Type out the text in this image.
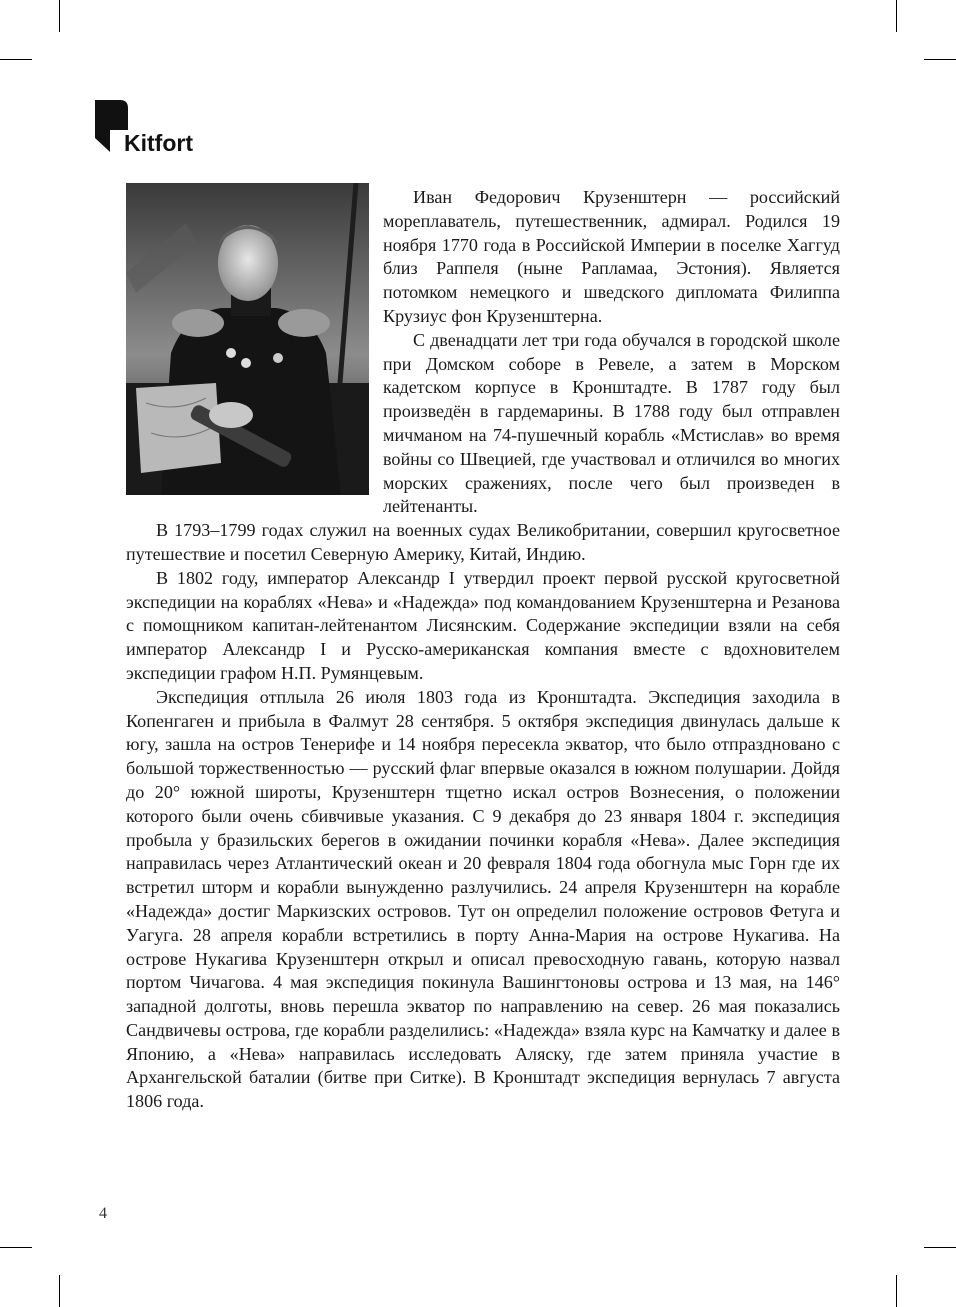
Kitfort

Иван Федорович Крузенштерн — российский мореплаватель, путешественник, адмирал. Родился 19 ноября 1770 года в Российской Империи в поселке Хаггуд близ Раппеля (ныне Рапламаа, Эстония). Является потомком немецкого и шведского дипломата Филиппа Крузиус фон Крузенштерна.

С двенадцати лет три года обучался в городской школе при Домском соборе в Ревеле, а затем в Морском кадетском корпусе в Кронштадте. В 1787 году был произведён в гардемарины. В 1788 году был отправлен мичманом на 74-пушечный корабль «Мстислав» во время войны со Швецией, где участвовал и отличился во многих морских сражениях, после чего был произведен в лейтенанты.

В 1793–1799 годах служил на военных судах Великобритании, совершил кругосветное путешествие и посетил Северную Америку, Китай, Индию.

В 1802 году, император Александр I утвердил проект первой русской кругосветной экспедиции на кораблях «Нева» и «Надежда» под командованием Крузенштерна и Резанова с помощником капитан-лейтенантом Лисянским. Содержание экспедиции взяли на себя император Александр I и Русско-американская компания вместе с вдохновителем экспедиции графом Н.П. Румянцевым.

Экспедиция отплыла 26 июля 1803 года из Кронштадта. Экспедиция заходила в Копенгаген и прибыла в Фалмут 28 сентября. 5 октября экспедиция двинулась дальше к югу, зашла на остров Тенерифе и 14 ноября пересекла экватор, что было отпраздновано с большой торжественностью — русский флаг впервые оказался в южном полушарии. Дойдя до 20° южной широты, Крузенштерн тщетно искал остров Вознесения, о положении которого были очень сбивчивые указания. С 9 декабря до 23 января 1804 г. экспедиция пробыла у бразильских берегов в ожидании починки корабля «Нева». Далее экспедиция направилась через Атлантический океан и 20 февраля 1804 года обогнула мыс Горн где их встретил шторм и корабли вынужденно разлучились. 24 апреля Крузенштерн на корабле «Надежда» достиг Маркизских островов. Тут он определил положение островов Фетуга и Уагуга. 28 апреля корабли встретились в порту Анна-Мария на острове Нукагива. На острове Нукагива Крузенштерн открыл и описал превосходную гавань, которую назвал портом Чичагова. 4 мая экспедиция покинула Вашингтоновы острова и 13 мая, на 146° западной долготы, вновь перешла экватор по направлению на север. 26 мая показались Сандвичевы острова, где корабли разделились: «Надежда» взяла курс на Камчатку и далее в Японию, а «Нева» направилась исследовать Аляску, где затем приняла участие в Архангельской баталии (битве при Ситке). В Кронштадт экспедиция вернулась 7 августа 1806 года.

4
